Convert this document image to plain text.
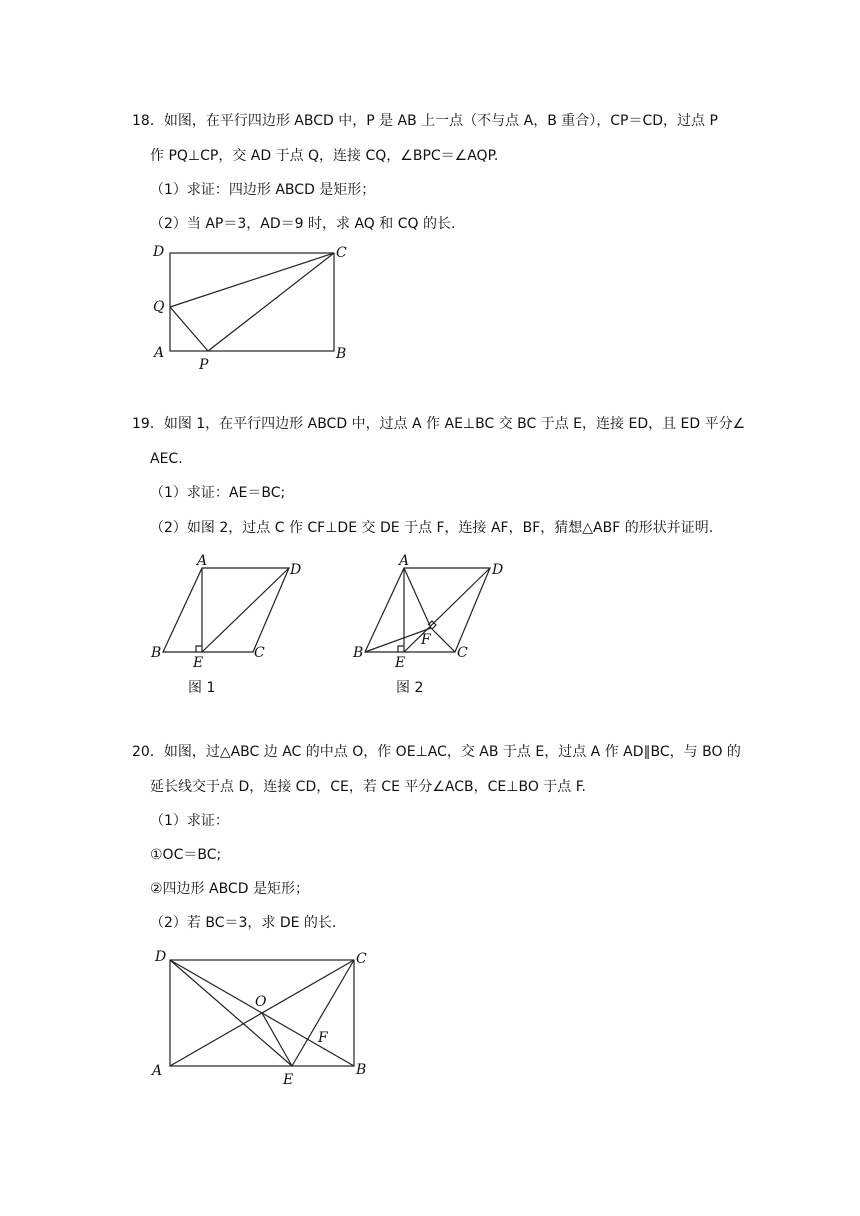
18．如图，在平行四边形 ABCD 中，P 是 AB 上一点（不与点 A，B 重合），CP＝CD，过点 P
作 PQ⊥CP，交 AD 于点 Q，连接 CQ，∠BPC＝∠AQP.
（1）求证：四边形 ABCD 是矩形；
（2）当 AP＝3，AD＝9 时，求 AQ 和 CQ 的长.
19．如图 1，在平行四边形 ABCD 中，过点 A 作 AE⊥BC 交 BC 于点 E，连接 ED，且 ED 平分∠
AEC.
（1）求证：AE＝BC;
（2）如图 2，过点 C 作 CF⊥DE 交 DE 于点 F，连接 AF，BF，猜想△ABF 的形状并证明.
20．如图，过△ABC 边 AC 的中点 O，作 OE⊥AC，交 AB 于点 E，过点 A 作 AD∥BC，与 BO 的
延长线交于点 D，连接 CD，CE，若 CE 平分∠ACB，CE⊥BO 于点 F.
（1）求证：
①OC＝BC;
②四边形 ABCD 是矩形；
（2）若 BC＝3，求 DE 的长.
D	C
Q
A
P
B
A
D
B
E
C
图 1
A
D
B
E
F
C
图 2
D	C
O
F
A
E
B
